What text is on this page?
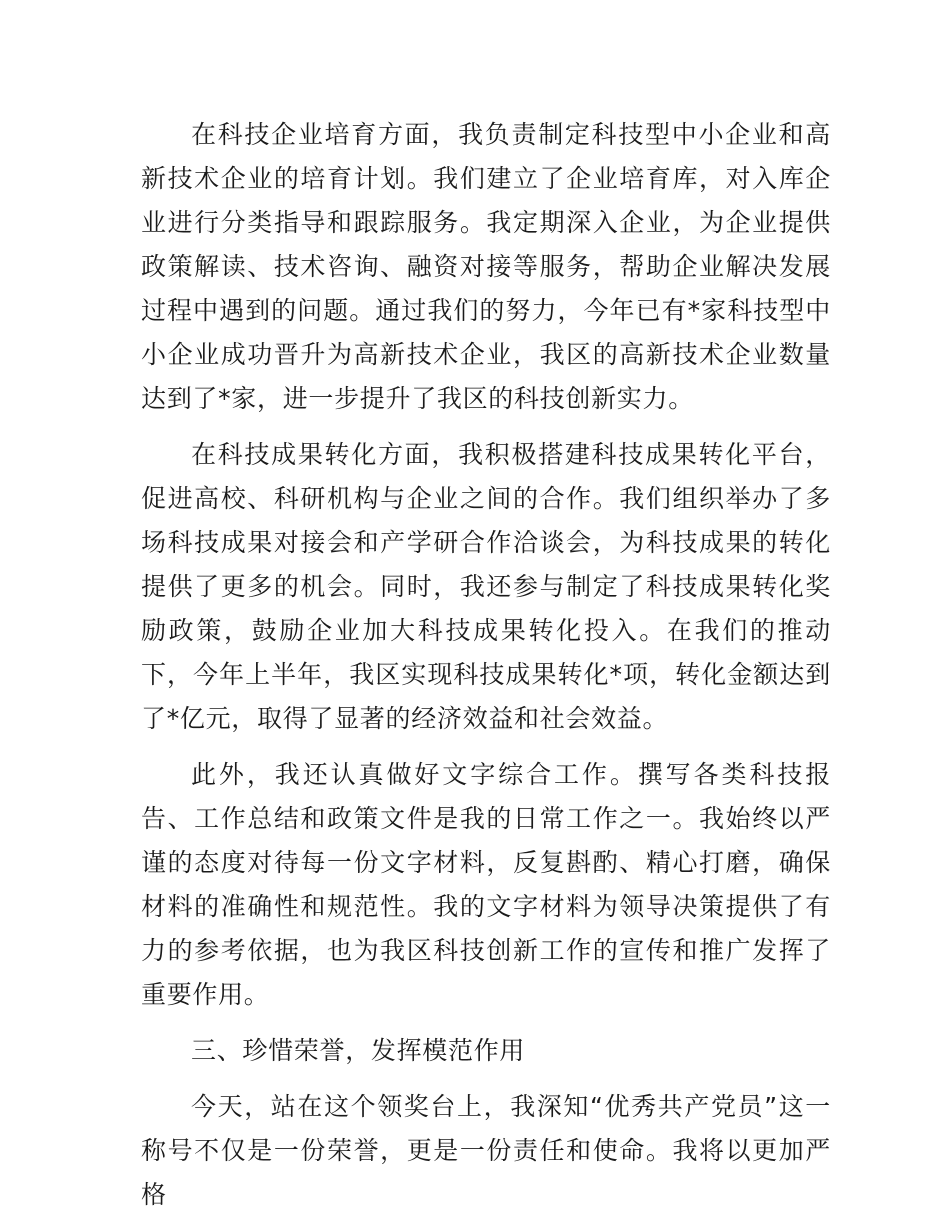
在科技企业培育方面，我负责制定科技型中小企业和高新技术企业的培育计划。我们建立了企业培育库，对入库企业进行分类指导和跟踪服务。我定期深入企业，为企业提供政策解读、技术咨询、融资对接等服务，帮助企业解决发展过程中遇到的问题。通过我们的努力，今年已有*家科技型中小企业成功晋升为高新技术企业，我区的高新技术企业数量达到了*家，进一步提升了我区的科技创新实力。

在科技成果转化方面，我积极搭建科技成果转化平台，促进高校、科研机构与企业之间的合作。我们组织举办了多场科技成果对接会和产学研合作洽谈会，为科技成果的转化提供了更多的机会。同时，我还参与制定了科技成果转化奖励政策，鼓励企业加大科技成果转化投入。在我们的推动下，今年上半年，我区实现科技成果转化*项，转化金额达到了*亿元，取得了显著的经济效益和社会效益。

此外，我还认真做好文字综合工作。撰写各类科技报告、工作总结和政策文件是我的日常工作之一。我始终以严谨的态度对待每一份文字材料，反复斟酌、精心打磨，确保材料的准确性和规范性。我的文字材料为领导决策提供了有力的参考依据，也为我区科技创新工作的宣传和推广发挥了重要作用。

三、珍惜荣誉，发挥模范作用

今天，站在这个领奖台上，我深知“优秀共产党员”这一称号不仅是一份荣誉，更是一份责任和使命。我将以更加严格
